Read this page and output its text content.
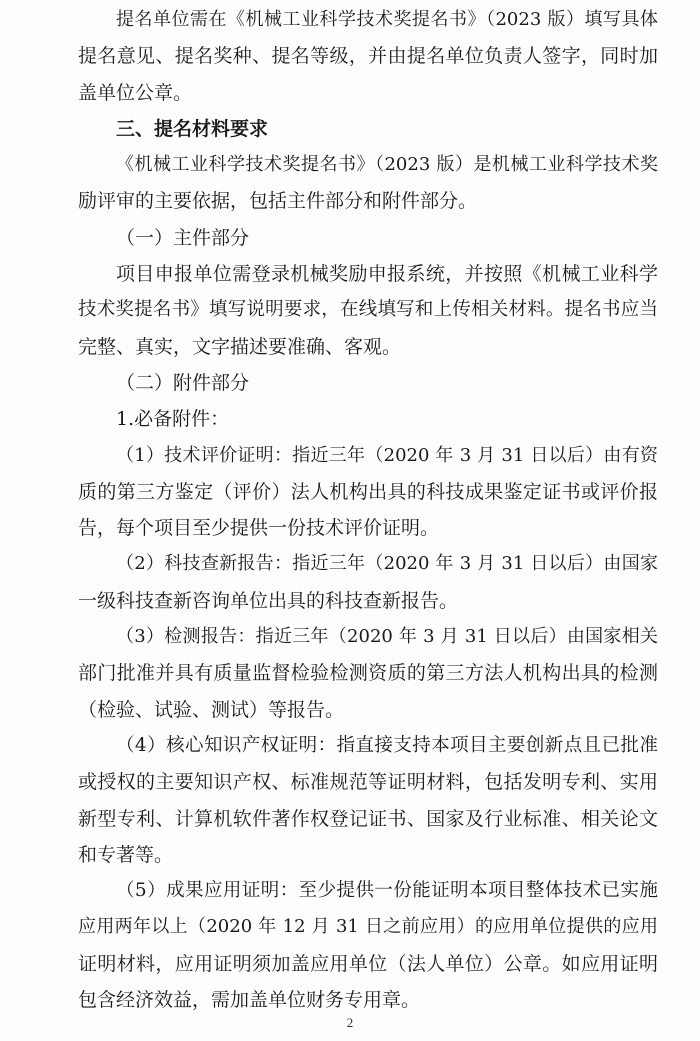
提名单位需在《机械工业科学技术奖提名书》（2023 版）填写具体
提名意见、提名奖种、提名等级，并由提名单位负责人签字，同时加
盖单位公章。
三、提名材料要求
《机械工业科学技术奖提名书》（2023 版）是机械工业科学技术奖
励评审的主要依据，包括主件部分和附件部分。
（一）主件部分
项目申报单位需登录机械奖励申报系统，并按照《机械工业科学
技术奖提名书》填写说明要求，在线填写和上传相关材料。提名书应当
完整、真实，文字描述要准确、客观。
（二）附件部分
1.必备附件：
（1）技术评价证明：指近三年（2020 年 3 月 31 日以后）由有资
质的第三方鉴定（评价）法人机构出具的科技成果鉴定证书或评价报
告，每个项目至少提供一份技术评价证明。
（2）科技查新报告：指近三年（2020 年 3 月 31 日以后）由国家
一级科技查新咨询单位出具的科技查新报告。
（3）检测报告：指近三年（2020 年 3 月 31 日以后）由国家相关
部门批准并具有质量监督检验检测资质的第三方法人机构出具的检测
（检验、试验、测试）等报告。
（4）核心知识产权证明：指直接支持本项目主要创新点且已批准
或授权的主要知识产权、标准规范等证明材料，包括发明专利、实用
新型专利、计算机软件著作权登记证书、国家及行业标准、相关论文
和专著等。
（5）成果应用证明：至少提供一份能证明本项目整体技术已实施
应用两年以上（2020 年 12 月 31 日之前应用）的应用单位提供的应用
证明材料，应用证明须加盖应用单位（法人单位）公章。如应用证明
包含经济效益，需加盖单位财务专用章。
2
